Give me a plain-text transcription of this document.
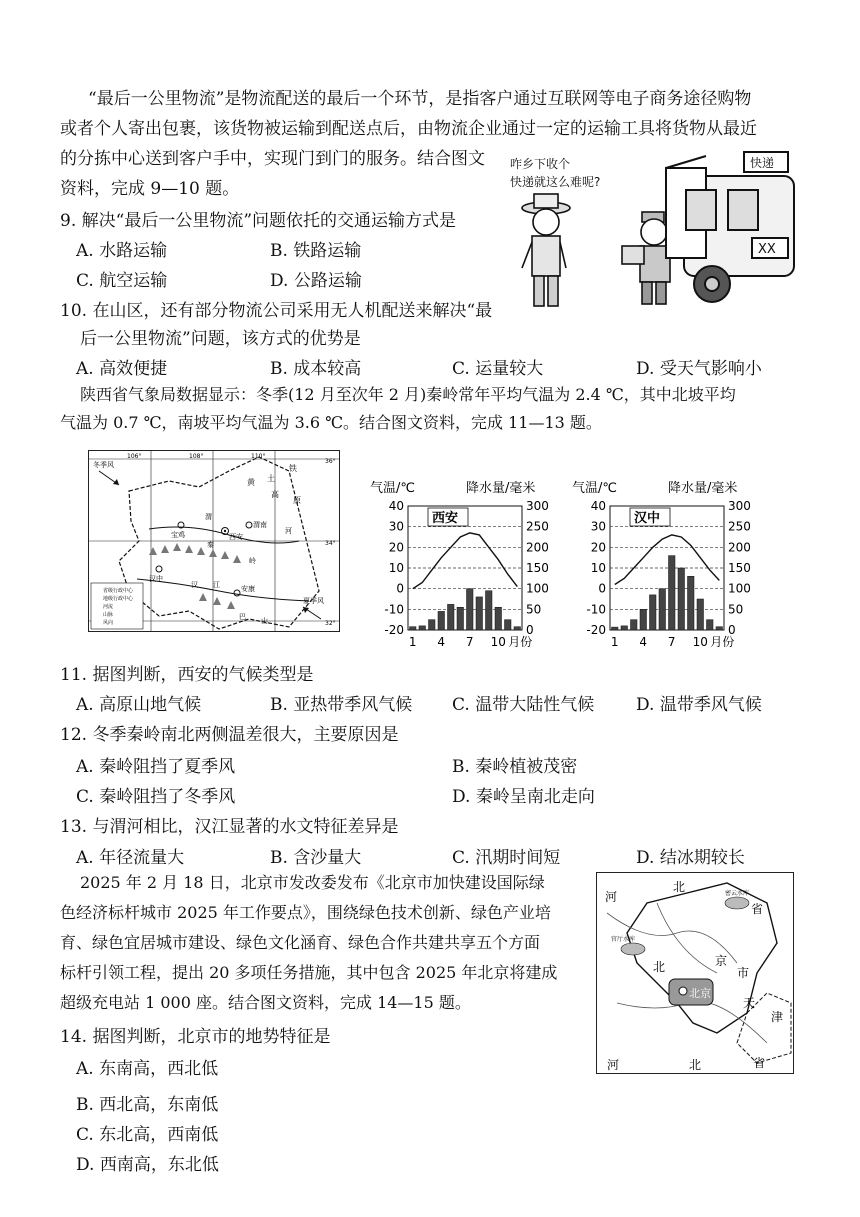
“最后一公里物流”是物流配送的最后一个环节，是指客户通过互联网等电子商务途径购物
或者个人寄出包裹，该货物被运输到配送点后，由物流企业通过一定的运输工具将货物从最近
的分拣中心送到客户手中，实现门到门的服务。结合图文
资料，完成 9—10 题。
咋乡下收个
快递就这么难呢?
快递
XX
9. 解决“最后一公里物流”问题依托的交通运输方式是
A. 水路运输	B. 铁路运输
C. 航空运输	D. 公路运输
10. 在山区，还有部分物流公司采用无人机配送来解决“最
后一公里物流”问题，该方式的优势是
A. 高效便捷	B. 成本较高	C. 运量较大	D. 受天气影响小
陕西省气象局数据显示：冬季(12 月至次年 2 月)秦岭常年平均气温为 2.4 ℃，其中北坡平均
气温为 0.7 ℃，南坡平均气温为 3.6 ℃。结合图文资料，完成 11—13 题。
106°	108°	110°
36°
34°
32°
冬季风
黄 土
高
原
铁
渭
河
宝鸡	西安
渭南
汉中
安康
秦
岭
汉 江
巴 山
夏季风
省级行政中心
地级行政中心
河流
山脉
风向
气温/℃	降水量/毫米
40
30
20
10
0
-10
-20
300
250
200
150
100
50
0
西安
1 4 7 10 月份
气温/℃	降水量/毫米
40
30
20
10
0
-10
-20
300
250
200
150
100
50
0
汉中
1 4 7 10 月份
11. 据图判断，西安的气候类型是
A. 高原山地气候	B. 亚热带季风气候 C. 温带大陆性气候 D. 温带季风气候
12. 冬季秦岭南北两侧温差很大，主要原因是
A. 秦岭阻挡了夏季风	B. 秦岭植被茂密
C. 秦岭阻挡了冬季风	D. 秦岭呈南北走向
13. 与渭河相比，汉江显著的水文特征差异是
A. 年径流量大	B. 含沙量大	C. 汛期时间短	D. 结冰期较长
2025 年 2 月 18 日，北京市发改委发布《北京市加快建设国际绿
色经济标杆城市 2025 年工作要点》，围绕绿色技术创新、绿色产业培
育、绿色宜居城市建设、绿色文化涵育、绿色合作共建共享五个方面
标杆引领工程，提出 20 多项任务措施，其中包含 2025 年北京将建成
超级充电站 1 000 座。结合图文资料，完成 14—15 题。
河
北
省
北	京
市
北京
天
津
河	北	省
官厅水库
密云水库
14. 据图判断，北京市的地势特征是
A. 东南高，西北低
B. 西北高，东南低
C. 东北高，西南低
D. 西南高，东北低
